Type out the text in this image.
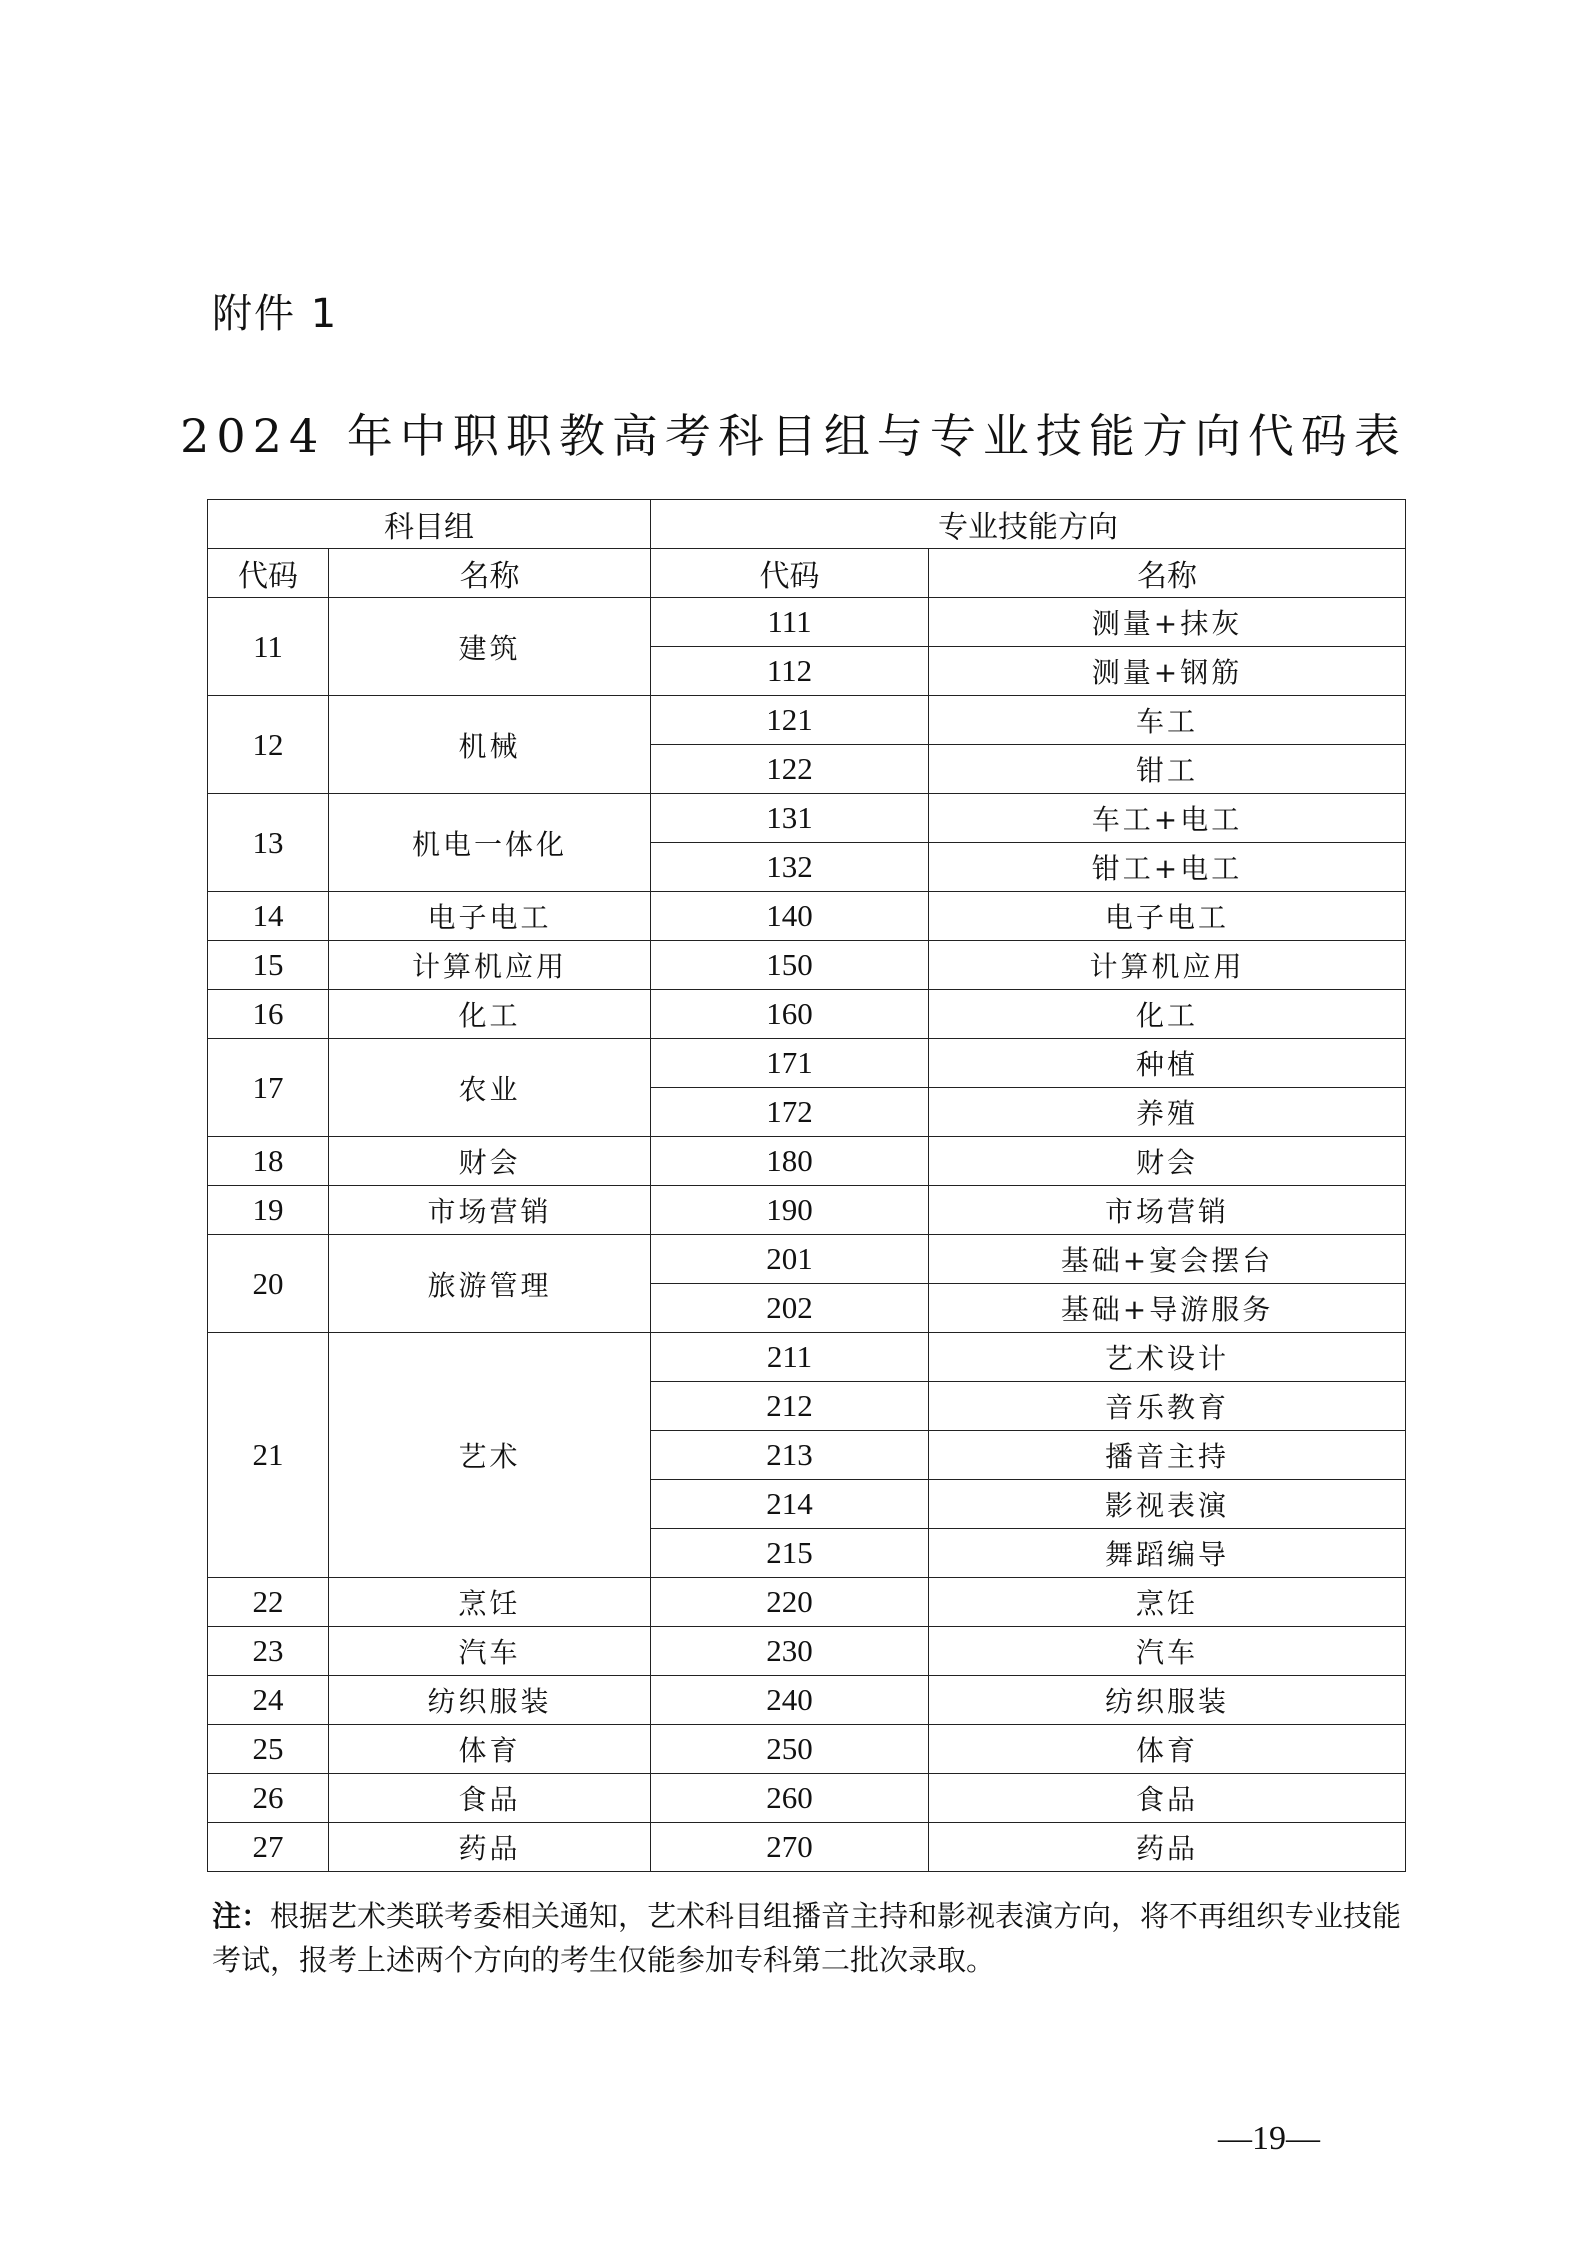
附件 1
2024 年中职职教高考科目组与专业技能方向代码表
科目组		专业技能方向	
代码	名称	代码	名称
11	建筑	111	测量+抹灰
		112	测量+钢筋
12	机械	121	车工
		122	钳工
13	机电一体化	131	车工+电工
		132	钳工+电工
14	电子电工	140	电子电工
15	计算机应用	150	计算机应用
16	化工	160	化工
17	农业	171	种植
		172	养殖
18	财会	180	财会
19	市场营销	190	市场营销
20	旅游管理	201	基础+宴会摆台
		202	基础+导游服务
21	艺术	211	艺术设计
		212	音乐教育
		213	播音主持
		214	影视表演
		215	舞蹈编导
22	烹饪	220	烹饪
23	汽车	230	汽车
24	纺织服装	240	纺织服装
25	体育	250	体育
26	食品	260	食品
27	药品	270	药品
注：根据艺术类联考委相关通知，艺术科目组播音主持和影视表演方向，将不再组织专业技能考试，报考上述两个方向的考生仅能参加专科第二批次录取。
—19—
